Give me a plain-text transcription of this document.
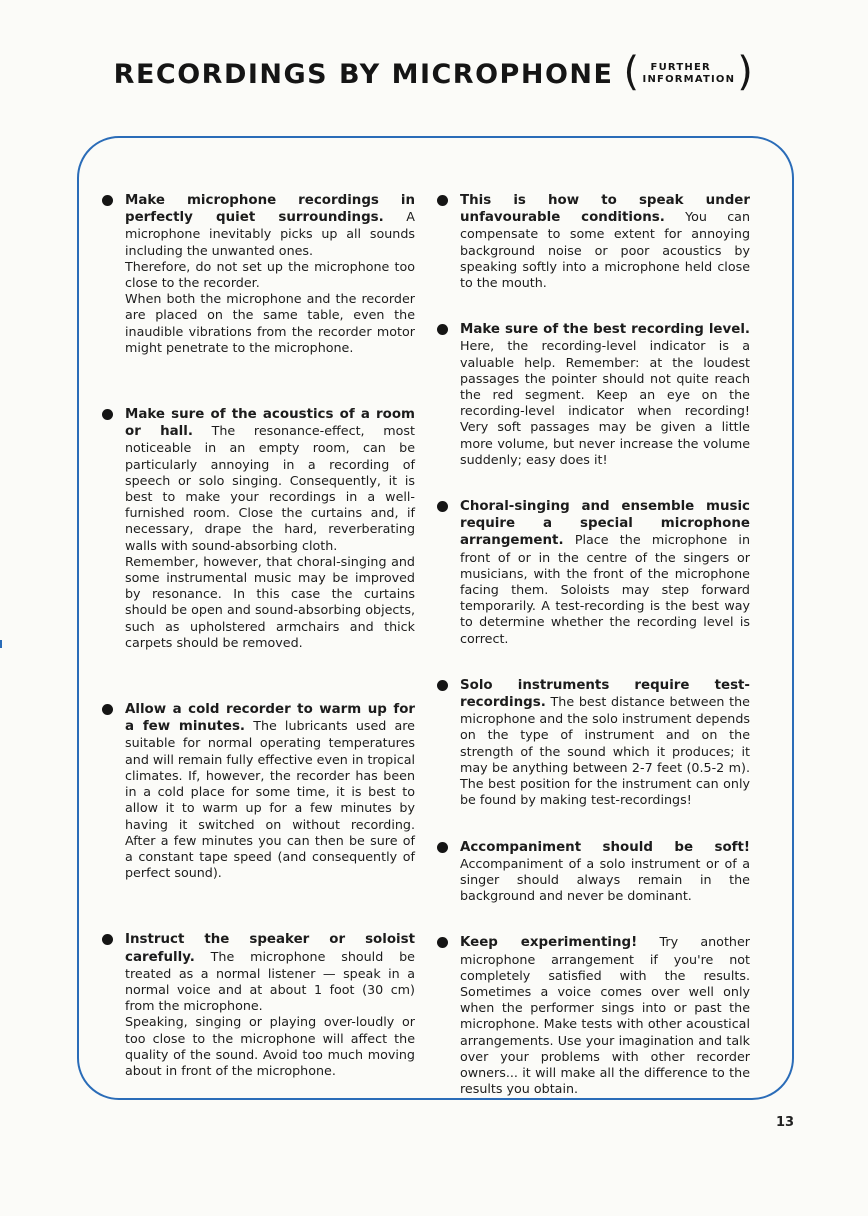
RECORDINGS BY MICROPHONE ( FURTHER
INFORMATION )

Make microphone recordings in perfectly quiet surroundings. A microphone inevitably picks up all sounds including the unwanted ones.

Therefore, do not set up the microphone too close to the recorder.

When both the microphone and the recorder are placed on the same table, even the inaudible vibrations from the recorder motor might penetrate to the microphone.

Make sure of the acoustics of a room or hall. The resonance-effect, most noticeable in an empty room, can be particularly annoying in a recording of speech or solo singing. Consequently, it is best to make your recordings in a well-furnished room. Close the curtains and, if necessary, drape the hard, reverberating walls with sound-absorbing cloth.

Remember, however, that choral-singing and some instrumental music may be improved by resonance. In this case the curtains should be open and sound-absorbing objects, such as upholstered armchairs and thick carpets should be removed.

Allow a cold recorder to warm up for a few minutes. The lubricants used are suitable for normal operating temperatures and will remain fully effective even in tropical climates. If, however, the recorder has been in a cold place for some time, it is best to allow it to warm up for a few minutes by having it switched on without recording. After a few minutes you can then be sure of a constant tape speed (and consequently of perfect sound).

Instruct the speaker or soloist carefully. The microphone should be treated as a normal listener — speak in a normal voice and at about 1 foot (30 cm) from the microphone.

Speaking, singing or playing over-loudly or too close to the microphone will affect the quality of the sound. Avoid too much moving about in front of the microphone.

This is how to speak under unfavourable conditions. You can compensate to some extent for annoying background noise or poor acoustics by speaking softly into a microphone held close to the mouth.

Make sure of the best recording level. Here, the recording-level indicator is a valuable help. Remember: at the loudest passages the pointer should not quite reach the red segment. Keep an eye on the recording-level indicator when recording! Very soft passages may be given a little more volume, but never increase the volume suddenly; easy does it!

Choral-singing and ensemble music require a special microphone arrangement. Place the microphone in front of or in the centre of the singers or musicians, with the front of the microphone facing them. Soloists may step forward temporarily. A test-recording is the best way to determine whether the recording level is correct.

Solo instruments require test-recordings. The best distance between the microphone and the solo instrument depends on the type of instrument and on the strength of the sound which it produces; it may be anything between 2-7 feet (0.5-2 m). The best position for the instrument can only be found by making test-recordings!

Accompaniment should be soft! Accompaniment of a solo instrument or of a singer should always remain in the background and never be dominant.

Keep experimenting! Try another microphone arrangement if you're not completely satisfied with the results. Sometimes a voice comes over well only when the performer sings into or past the microphone. Make tests with other acoustical arrangements. Use your imagination and talk over your problems with other recorder owners... it will make all the difference to the results you obtain.

13
